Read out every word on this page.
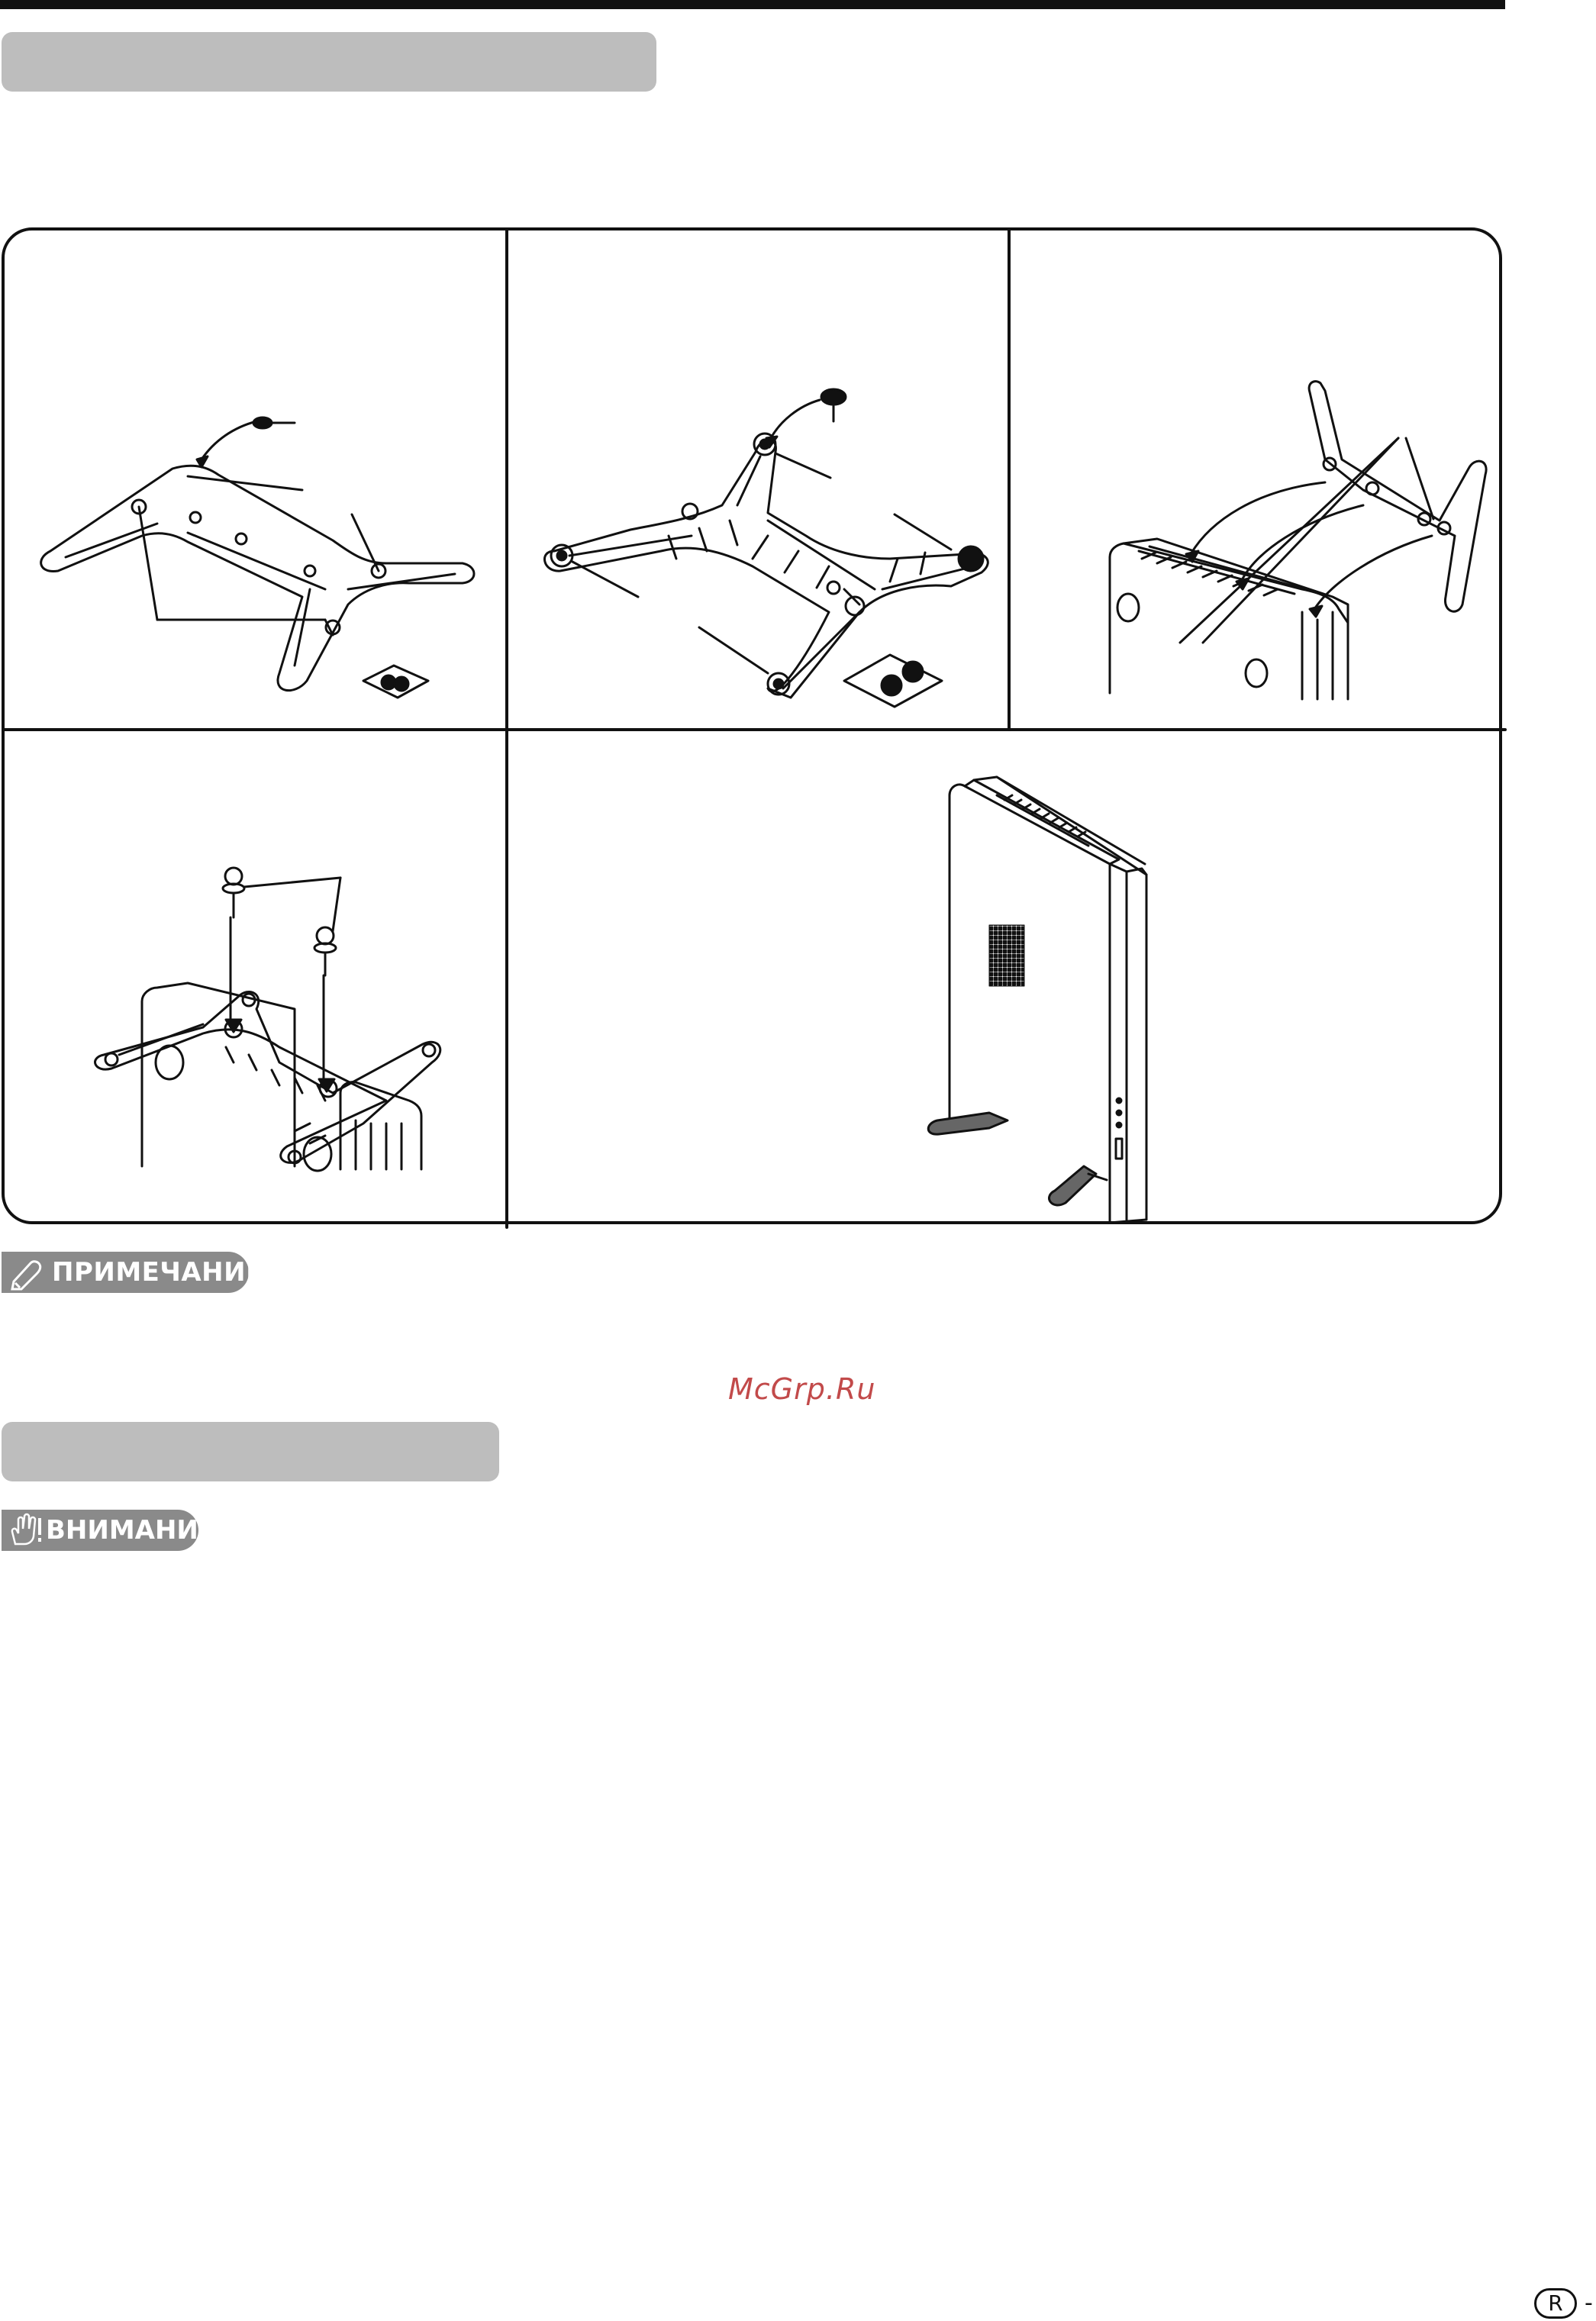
McGrp.Ru
ПРИМЕЧАНИЕ
ВНИМАНИЕ
R -
